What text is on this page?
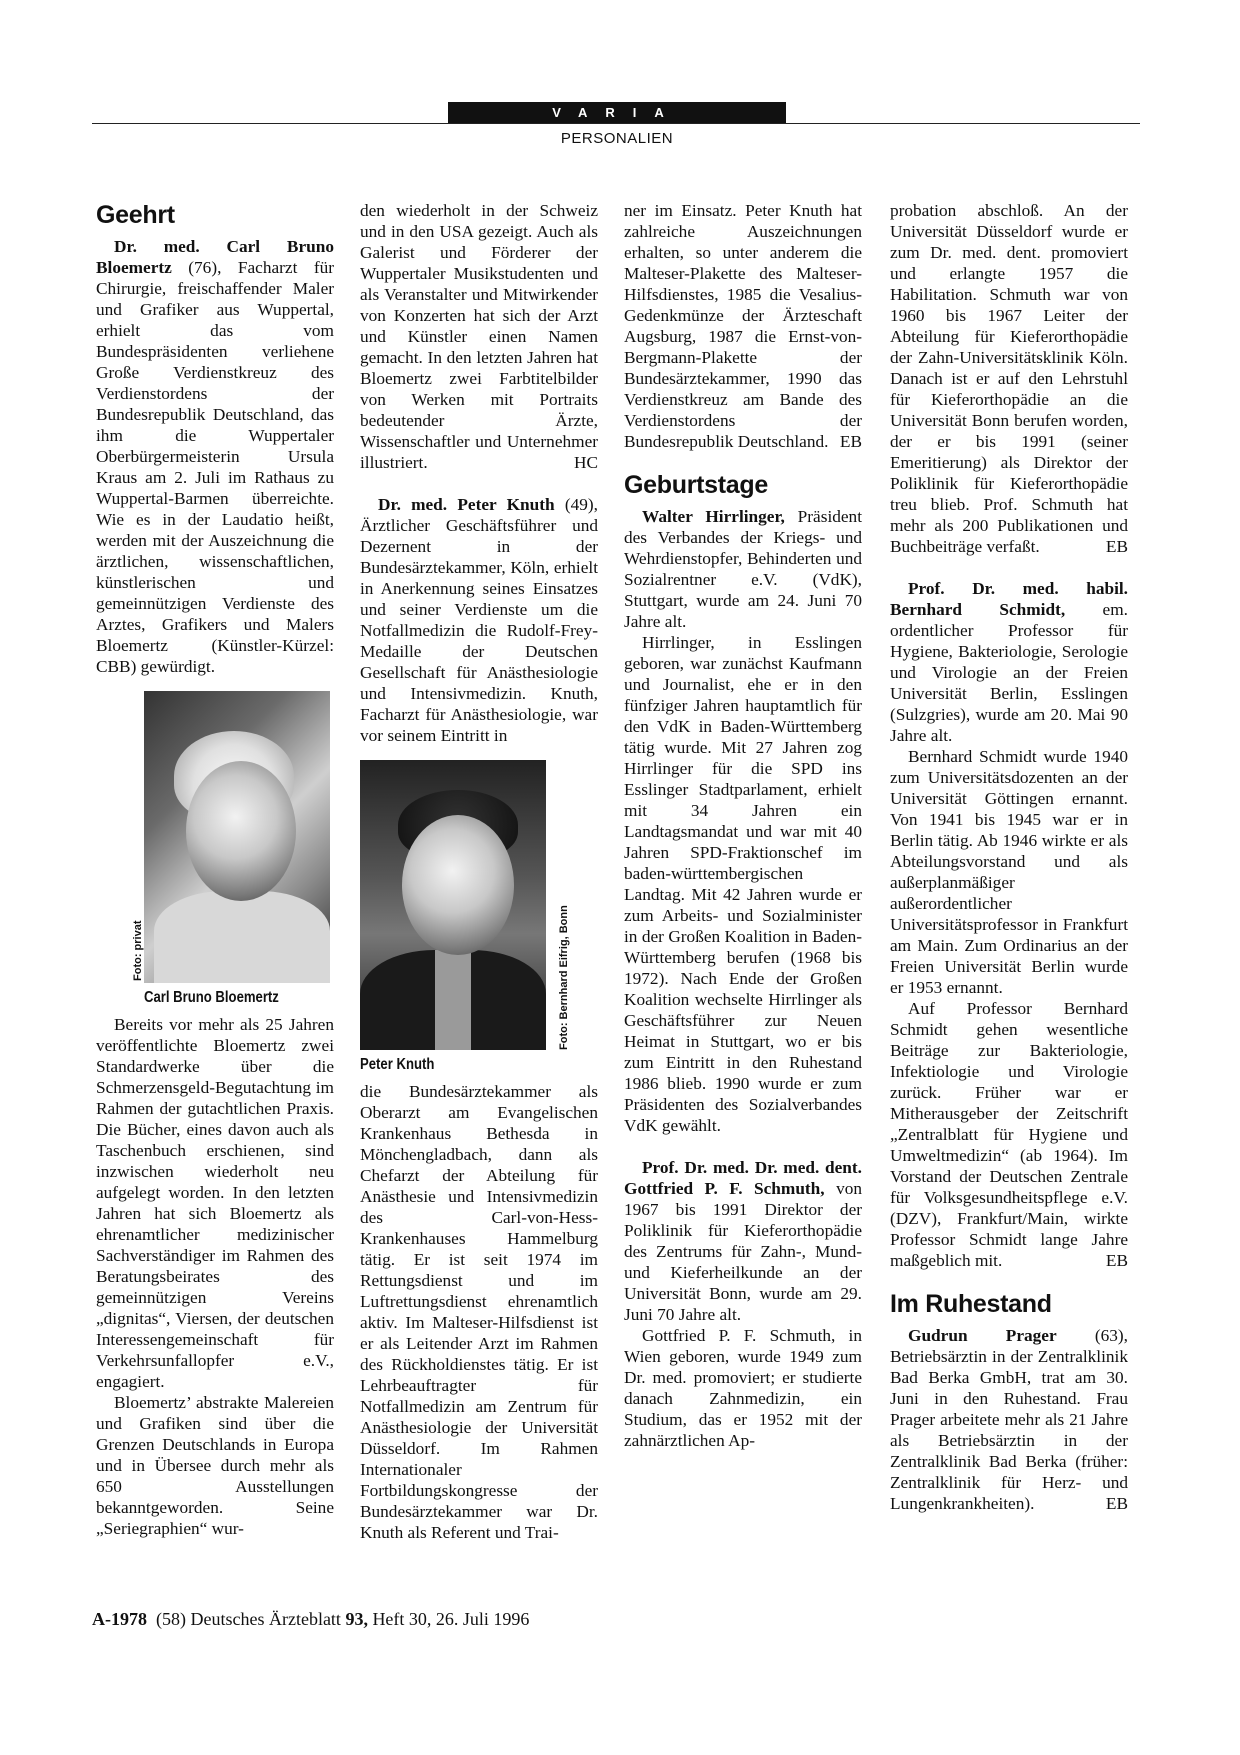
VARIA
PERSONALIEN
Geehrt

Dr. med. Carl Bruno Bloemertz (76), Facharzt für Chirurgie, freischaffender Maler und Grafiker aus Wuppertal, erhielt das vom Bundespräsidenten verliehene Große Verdienstkreuz des Verdienstordens der Bundesrepublik Deutschland, das ihm die Wuppertaler Oberbürgermeisterin Ursula Kraus am 2. Juli im Rathaus zu Wuppertal-Barmen überreichte. Wie es in der Laudatio heißt, werden mit der Auszeichnung die ärztlichen, wissenschaftlichen, künstlerischen und gemeinnützigen Verdienste des Arztes, Grafikers und Malers Bloemertz (Künstler-Kürzel: CBB) gewürdigt.

Foto: privat
Carl Bruno Bloemertz

Bereits vor mehr als 25 Jahren veröffentlichte Bloemertz zwei Standardwerke über die Schmerzensgeld-Begutachtung im Rahmen der gutachtlichen Praxis. Die Bücher, eines davon auch als Taschenbuch erschienen, sind inzwischen wiederholt neu aufgelegt worden. In den letzten Jahren hat sich Bloemertz als ehrenamtlicher medizinischer Sachverständiger im Rahmen des Beratungsbeirates des gemeinnützigen Vereins „dignitas“, Viersen, der deutschen Interessengemeinschaft für Verkehrsunfallopfer e.V., engagiert.

Bloemertz’ abstrakte Malereien und Grafiken sind über die Grenzen Deutschlands in Europa und in Übersee durch mehr als 650 Ausstellungen bekanntgeworden. Seine „Seriegraphien“ wur-

den wiederholt in der Schweiz und in den USA gezeigt. Auch als Galerist und Förderer der Wuppertaler Musikstudenten und als Veranstalter und Mitwirkender von Konzerten hat sich der Arzt und Künstler einen Namen gemacht. In den letzten Jahren hat Bloemertz zwei Farbtitelbilder von Werken mit Portraits bedeutender Ärzte, Wissenschaftler und Unternehmer illustriert.	HC

Dr. med. Peter Knuth (49), Ärztlicher Geschäftsführer und Dezernent in der Bundesärztekammer, Köln, erhielt in Anerkennung seines Einsatzes und seiner Verdienste um die Notfallmedizin die Rudolf-Frey-Medaille der Deutschen Gesellschaft für Anästhesiologie und Intensivmedizin. Knuth, Facharzt für Anästhesiologie, war vor seinem Eintritt in

Foto: Bernhard Eifrig, Bonn
Peter Knuth

die Bundesärztekammer als Oberarzt am Evangelischen Krankenhaus Bethesda in Mönchengladbach, dann als Chefarzt der Abteilung für Anästhesie und Intensivmedizin des Carl-von-Hess-Krankenhauses Hammelburg tätig. Er ist seit 1974 im Rettungsdienst und im Luftrettungsdienst ehrenamtlich aktiv. Im Malteser-Hilfsdienst ist er als Leitender Arzt im Rahmen des Rückholdienstes tätig. Er ist Lehrbeauftragter für Notfallmedizin am Zentrum für Anästhesiologie der Universität Düsseldorf. Im Rahmen Internationaler Fortbildungskongresse der Bundesärztekammer war Dr. Knuth als Referent und Trai-

ner im Einsatz. Peter Knuth hat zahlreiche Auszeichnungen erhalten, so unter anderem die Malteser-Plakette des Malteser-Hilfsdienstes, 1985 die Vesalius-Gedenkmünze der Ärzteschaft Augsburg, 1987 die Ernst-von-Bergmann-Plakette der Bundesärztekammer, 1990 das Verdienstkreuz am Bande des Verdienstordens der Bundesrepublik Deutschland. EB

Geburtstage

Walter Hirrlinger, Präsident des Verbandes der Kriegs- und Wehrdienstopfer, Behinderten und Sozialrentner e.V. (VdK), Stuttgart, wurde am 24. Juni 70 Jahre alt.

Hirrlinger, in Esslingen geboren, war zunächst Kaufmann und Journalist, ehe er in den fünfziger Jahren hauptamtlich für den VdK in Baden-Württemberg tätig wurde. Mit 27 Jahren zog Hirrlinger für die SPD ins Esslinger Stadtparlament, erhielt mit 34 Jahren ein Landtagsmandat und war mit 40 Jahren SPD-Fraktionschef im baden-württembergischen Landtag. Mit 42 Jahren wurde er zum Arbeits- und Sozialminister in der Großen Koalition in Baden-Württemberg berufen (1968 bis 1972). Nach Ende der Großen Koalition wechselte Hirrlinger als Geschäftsführer zur Neuen Heimat in Stuttgart, wo er bis zum Eintritt in den Ruhestand 1986 blieb. 1990 wurde er zum Präsidenten des Sozialverbandes VdK gewählt.

Prof. Dr. med. Dr. med. dent. Gottfried P. F. Schmuth, von 1967 bis 1991 Direktor der Poliklinik für Kieferorthopädie des Zentrums für Zahn-, Mund- und Kieferheilkunde an der Universität Bonn, wurde am 29. Juni 70 Jahre alt.

Gottfried P. F. Schmuth, in Wien geboren, wurde 1949 zum Dr. med. promoviert; er studierte danach Zahnmedizin, ein Studium, das er 1952 mit der zahnärztlichen Ap-

probation abschloß. An der Universität Düsseldorf wurde er zum Dr. med. dent. promoviert und erlangte 1957 die Habilitation. Schmuth war von 1960 bis 1967 Leiter der Abteilung für Kieferorthopädie der Zahn-Universitätsklinik Köln. Danach ist er auf den Lehrstuhl für Kieferorthopädie an die Universität Bonn berufen worden, der er bis 1991 (seiner Emeritierung) als Direktor der Poliklinik für Kieferorthopädie treu blieb. Prof. Schmuth hat mehr als 200 Publikationen und Buchbeiträge verfaßt.	EB

Prof. Dr. med. habil. Bernhard Schmidt, em. ordentlicher Professor für Hygiene, Bakteriologie, Serologie und Virologie an der Freien Universität Berlin, Esslingen (Sulzgries), wurde am 20. Mai 90 Jahre alt.

Bernhard Schmidt wurde 1940 zum Universitätsdozenten an der Universität Göttingen ernannt. Von 1941 bis 1945 war er in Berlin tätig. Ab 1946 wirkte er als Abteilungsvorstand und als außerplanmäßiger außerordentlicher Universitätsprofessor in Frankfurt am Main. Zum Ordinarius an der Freien Universität Berlin wurde er 1953 ernannt.

Auf Professor Bernhard Schmidt gehen wesentliche Beiträge zur Bakteriologie, Infektiologie und Virologie zurück. Früher war er Mitherausgeber der Zeitschrift „Zentralblatt für Hygiene und Umweltmedizin“ (ab 1964). Im Vorstand der Deutschen Zentrale für Volksgesundheitspflege e.V. (DZV), Frankfurt/Main, wirkte Professor Schmidt lange Jahre maßgeblich mit.	EB

Im Ruhestand

Gudrun Prager (63), Betriebsärztin in der Zentralklinik Bad Berka GmbH, trat am 30. Juni in den Ruhestand. Frau Prager arbeitete mehr als 21 Jahre als Betriebsärztin in der Zentralklinik Bad Berka (früher: Zentralklinik für Herz- und Lungenkrankheiten).	EB

A-1978 (58) Deutsches Ärzteblatt 93, Heft 30, 26. Juli 1996
